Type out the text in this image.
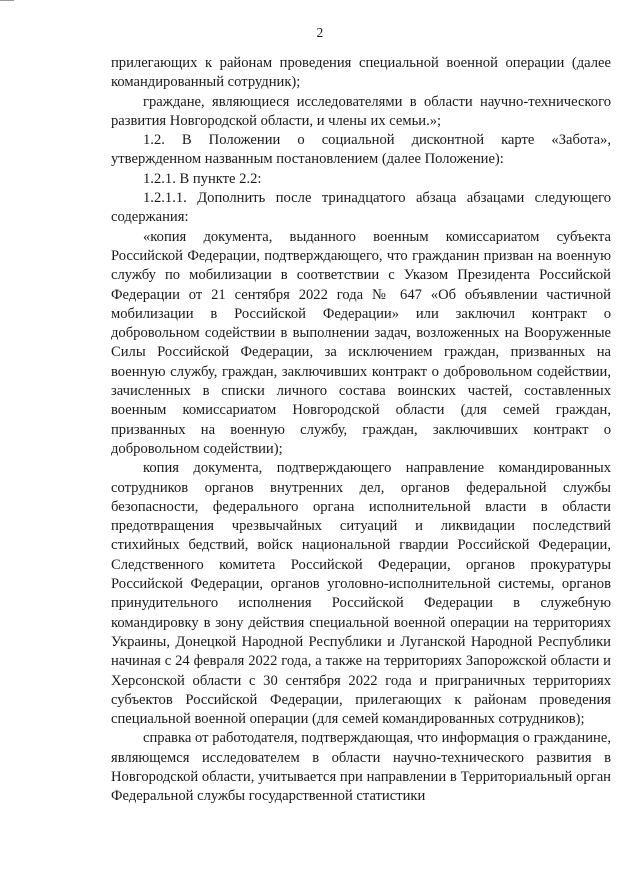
2

прилегающих к районам проведения специальной военной операции (далее командированный сотрудник);

граждане, являющиеся исследователями в области научно-технического развития Новгородской области, и члены их семьи.»;

1.2. В Положении о социальной дисконтной карте «Забота», утвержденном названным постановлением (далее Положение):

1.2.1. В пункте 2.2:

1.2.1.1. Дополнить после тринадцатого абзаца абзацами следующего содержания:

«копия документа, выданного военным комиссариатом субъекта Российской Федерации, подтверждающего, что гражданин призван на военную службу по мобилизации в соответствии с Указом Президента Российской Федерации от 21 сентября 2022 года № 647 «Об объявлении частичной мобилизации в Российской Федерации» или заключил контракт о добровольном содействии в выполнении задач, возложенных на Вооруженные Силы Российской Федерации, за исключением граждан, призванных на военную службу, граждан, заключивших контракт о добровольном содействии, зачисленных в списки личного состава воинских частей, составленных военным комиссариатом Новгородской области (для семей граждан, призванных на военную службу, граждан, заключивших контракт о добровольном содействии);

копия документа, подтверждающего направление командированных сотрудников органов внутренних дел, органов федеральной службы безопасности, федерального органа исполнительной власти в области предотвращения чрезвычайных ситуаций и ликвидации последствий стихийных бедствий, войск национальной гвардии Российской Федерации, Следственного комитета Российской Федерации, органов прокуратуры Российской Федерации, органов уголовно-исполнительной системы, органов принудительного исполнения Российской Федерации в служебную командировку в зону действия специальной военной операции на территориях Украины, Донецкой Народной Республики и Луганской Народной Республики начиная с 24 февраля 2022 года, а также на территориях Запорожской области и Херсонской области с 30 сентября 2022 года и приграничных территориях субъектов Российской Федерации, прилегающих к районам проведения специальной военной операции (для семей командированных сотрудников);

справка от работодателя, подтверждающая, что информация о гражданине, являющемся исследователем в области научно-технического развития в Новгородской области, учитывается при направлении в Территориальный орган Федеральной службы государственной статистики
